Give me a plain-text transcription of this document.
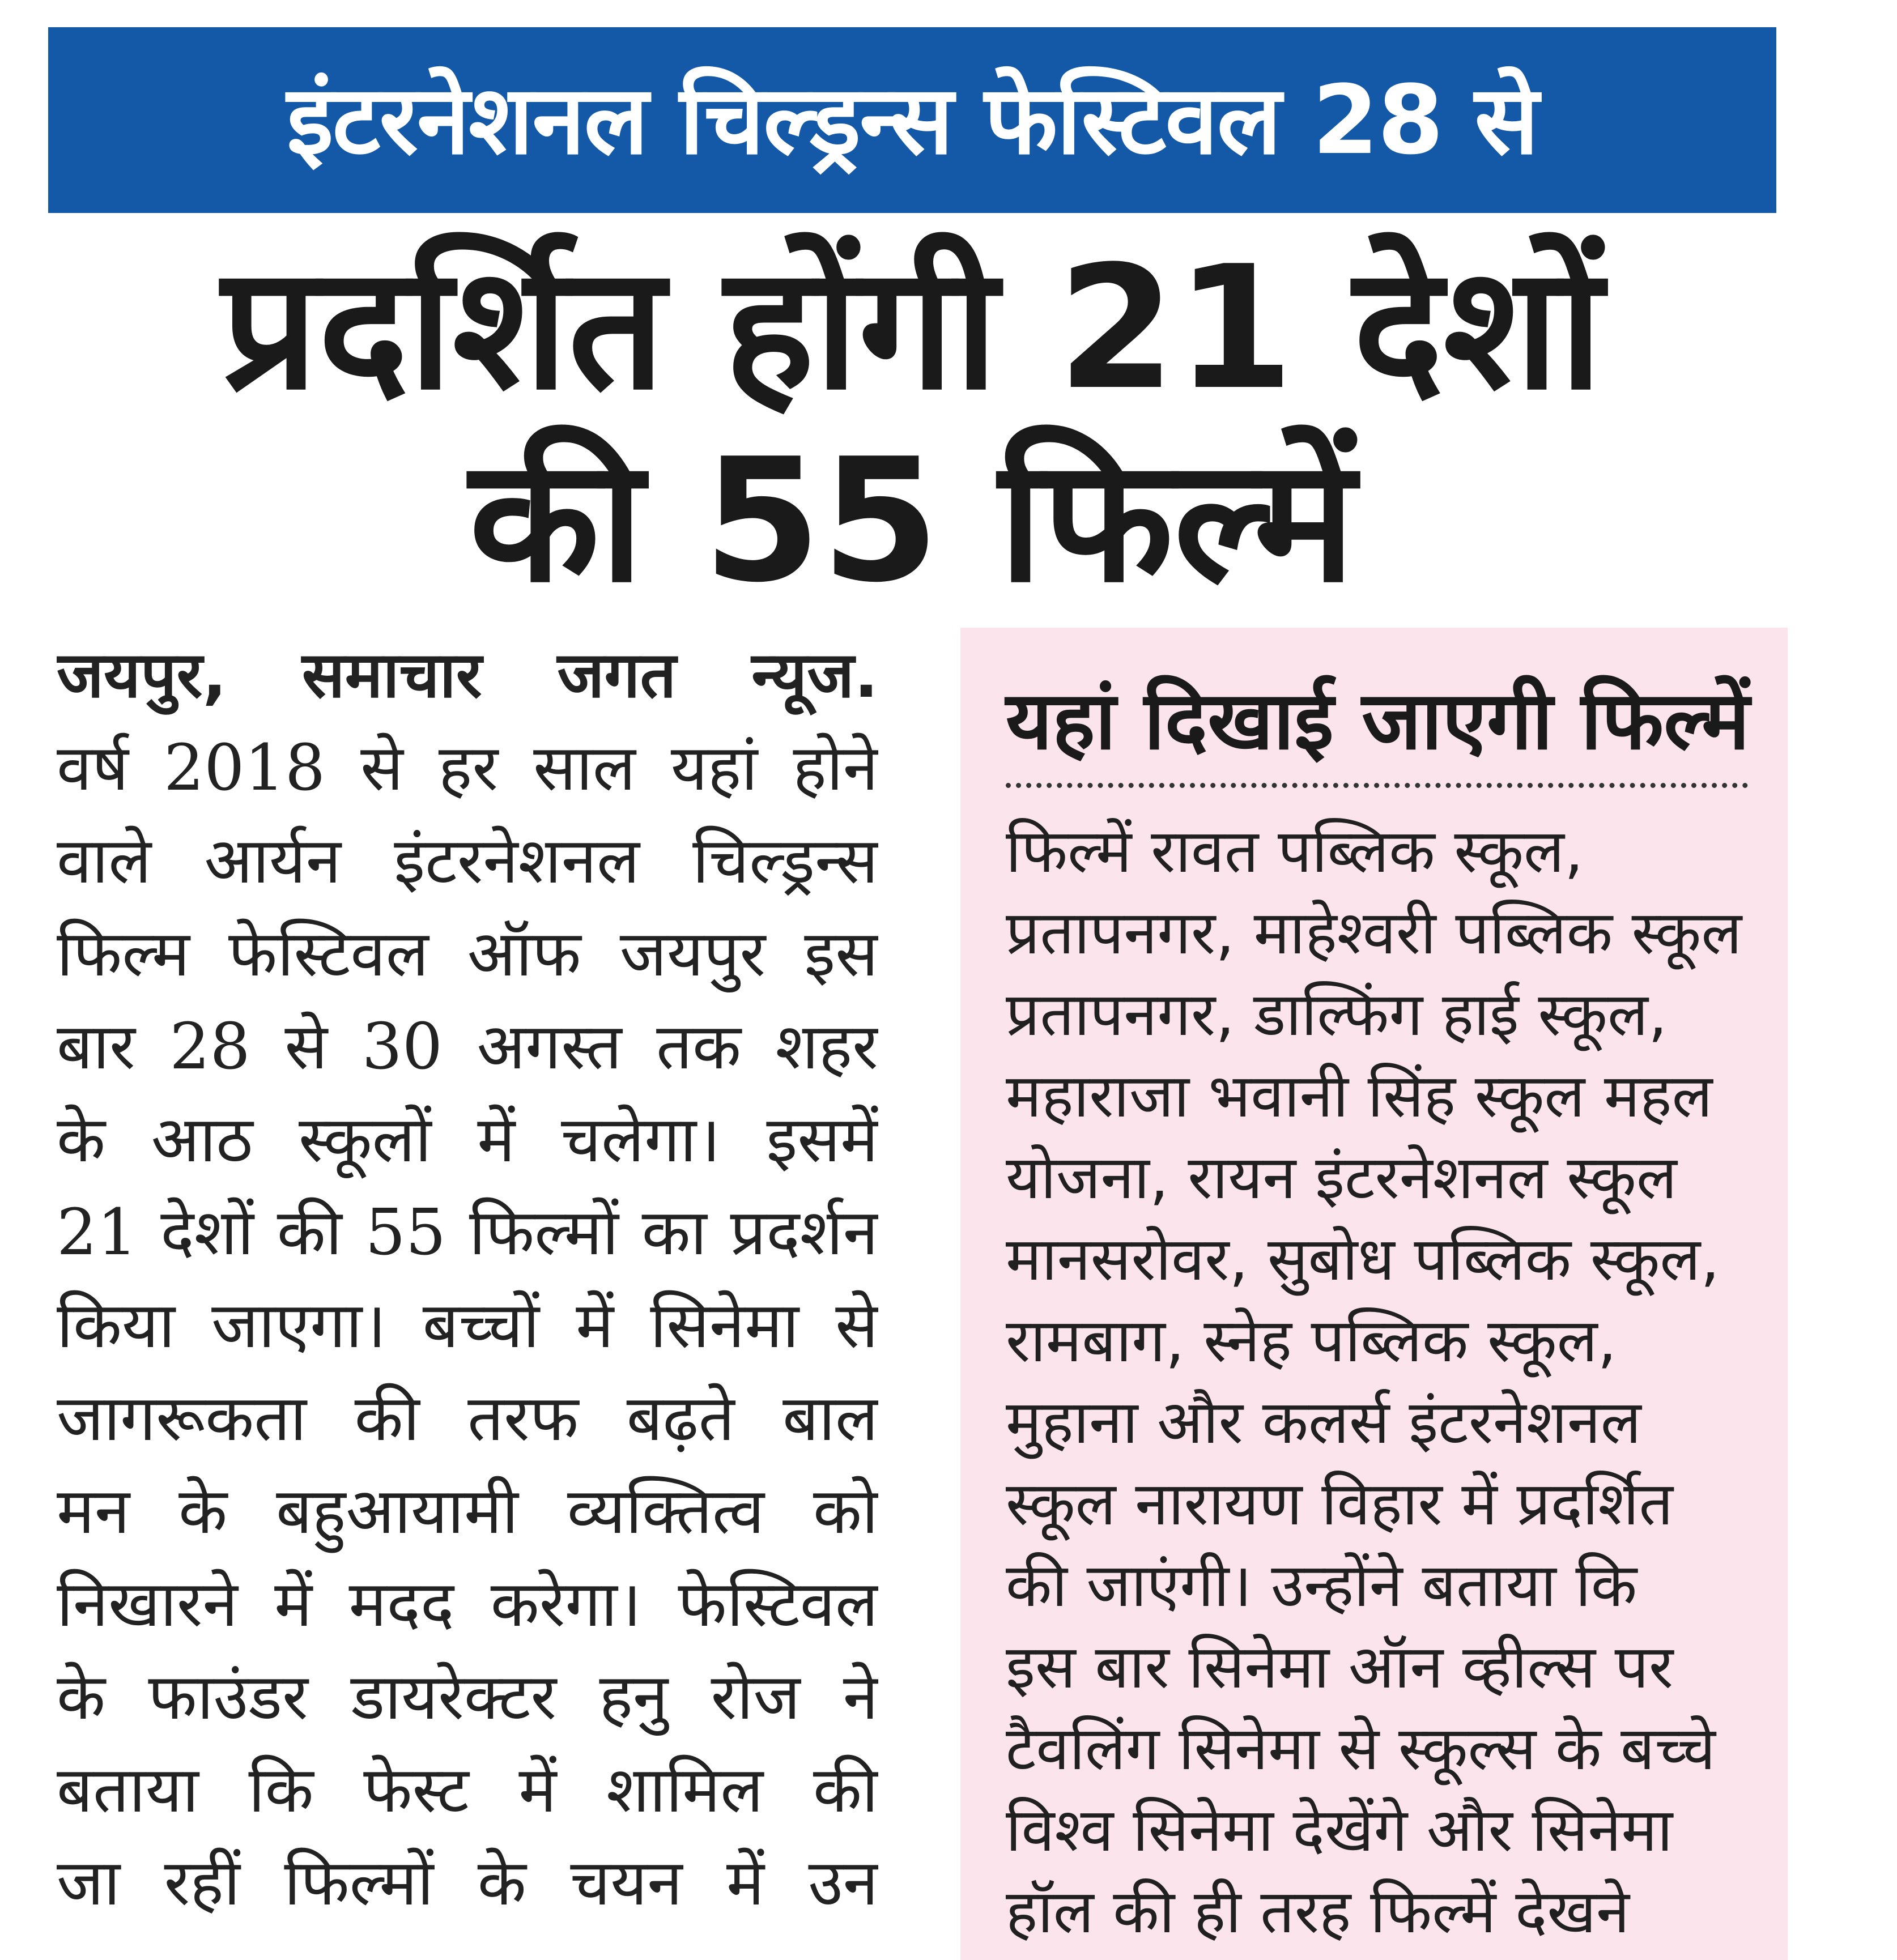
इंटरनेशनल चिल्ड्रन्स फेस्टिवल 28 से
प्रदर्शित होंगी 21 देशों
की 55 फिल्में
जयपुर, समाचार जगत न्यूज.
वर्ष 2018 से हर साल यहां होने
वाले आर्यन इंटरनेशनल चिल्ड्रन्स
फिल्म फेस्टिवल ऑफ जयपुर इस
बार 28 से 30 अगस्त तक शहर
के आठ स्कूलों में चलेगा। इसमें
21 देशों की 55 फिल्मों का प्रदर्शन
किया जाएगा। बच्चों में सिनेमा से
जागरूकता की तरफ बढ़ते बाल
मन के बहुआयामी व्यक्तित्व को
निखारने में मदद करेगा। फेस्टिवल
के फाउंडर डायरेक्टर हनु रोज ने
बताया कि फेस्ट में शामिल की
जा रहीं फिल्मों के चयन में उन
यहां दिखाई जाएगी फिल्में
फिल्में रावत पब्लिक स्कूल,
प्रतापनगर, माहेश्वरी पब्लिक स्कूल
प्रतापनगर, डाल्फिंग हाई स्कूल,
महाराजा भवानी सिंह स्कूल महल
योजना, रायन इंटरनेशनल स्कूल
मानसरोवर, सुबोध पब्लिक स्कूल,
रामबाग, स्नेह पब्लिक स्कूल,
मुहाना और कलर्स इंटरनेशनल
स्कूल नारायण विहार में प्रदर्शित
की जाएंगी। उन्होंने बताया कि
इस बार सिनेमा ऑन व्हील्स पर
टैवलिंग सिनेमा से स्कूल्स के बच्चे
विश्व सिनेमा देखेंगे और सिनेमा
हॉल की ही तरह फिल्में देखने
